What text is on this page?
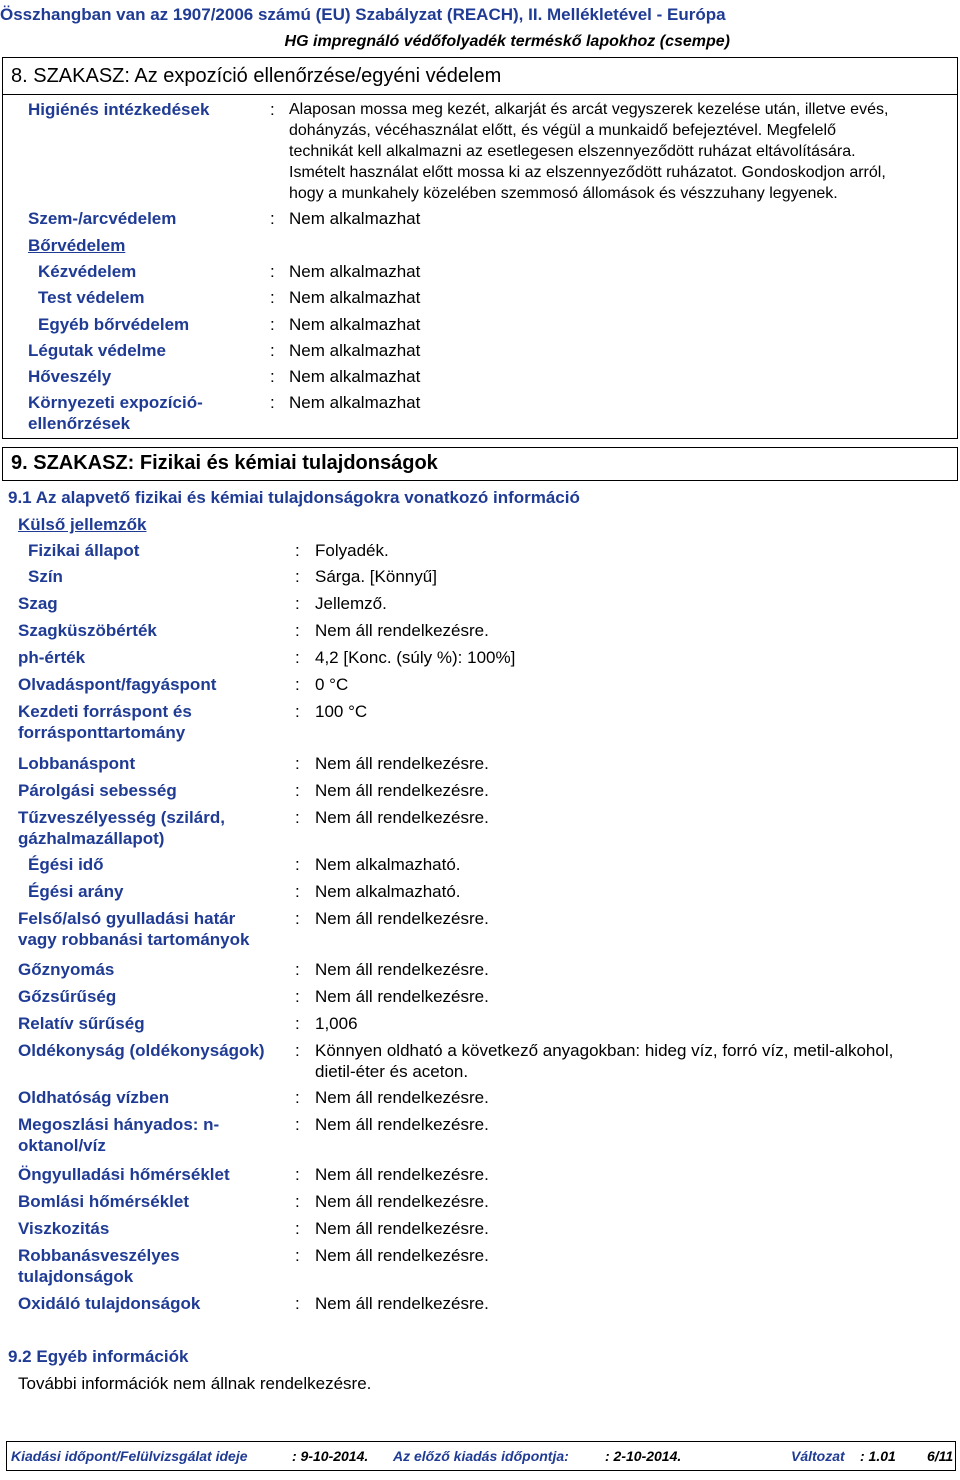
Összhangban van az 1907/2006 számú (EU) Szabályzat (REACH), II. Mellékletével - Európa
HG impregnáló védőfolyadék terméskő lapokhoz (csempe)
8. SZAKASZ: Az expozíció ellenőrzése/egyéni védelem
Higiénés intézkedések	: Alaposan mossa meg kezét, alkarját és arcát vegyszerek kezelése után, illetve evés,
dohányzás, vécéhasználat előtt, és végül a munkaidő befejeztével. Megfelelő
technikát kell alkalmazni az esetlegesen elszennyeződött ruházat eltávolítására.
Ismételt használat előtt mossa ki az elszennyeződött ruházatot. Gondoskodjon arról,
hogy a munkahely közelében szemmosó állomások és vészzuhany legyenek.
Szem-/arcvédelem	: Nem alkalmazhat
Bőrvédelem
Kézvédelem	: Nem alkalmazhat
Test védelem	: Nem alkalmazhat
Egyéb bőrvédelem	: Nem alkalmazhat
Légutak védelme	: Nem alkalmazhat
Hőveszély	: Nem alkalmazhat
Környezeti expozíció-
ellenőrzések
: Nem alkalmazhat
9. SZAKASZ: Fizikai és kémiai tulajdonságok
9.1 Az alapvető fizikai és kémiai tulajdonságokra vonatkozó információ
Külső jellemzők
Fizikai állapot	: Folyadék.
Szín	: Sárga. [Könnyű]
Szag	: Jellemző.
Szagküszöbérték	: Nem áll rendelkezésre.
ph-érték	: 4,2 [Konc. (súly %): 100%]
Olvadáspont/fagyáspont	: 0 °C
Kezdeti forráspont és
forrásponttartomány
: 100 °C
Lobbanáspont	: Nem áll rendelkezésre.
Párolgási sebesség	: Nem áll rendelkezésre.
Tűzveszélyesség (szilárd,
gázhalmazállapot)
: Nem áll rendelkezésre.
Égési idő	: Nem alkalmazható.
Égési arány	: Nem alkalmazható.
Felső/alsó gyulladási határ
vagy robbanási tartományok
: Nem áll rendelkezésre.
Gőznyomás	: Nem áll rendelkezésre.
Gőzsűrűség	: Nem áll rendelkezésre.
Relatív sűrűség	: 1,006
Oldékonyság (oldékonyságok) : Könnyen oldható a következő anyagokban: hideg víz, forró víz, metil-alkohol,
dietil-éter és aceton.
Oldhatóság vízben	: Nem áll rendelkezésre.
Megoszlási hányados: n-
oktanol/víz
: Nem áll rendelkezésre.
Öngyulladási hőmérséklet	: Nem áll rendelkezésre.
Bomlási hőmérséklet	: Nem áll rendelkezésre.
Viszkozitás	: Nem áll rendelkezésre.
Robbanásveszélyes
tulajdonságok
: Nem áll rendelkezésre.
Oxidáló tulajdonságok	: Nem áll rendelkezésre.
9.2 Egyéb információk
További információk nem állnak rendelkezésre.
Kiadási időpont/Felülvizsgálat ideje	: 9-10-2014. Az előző kiadás időpontja:	: 2-10-2014.	Változat : 1.01 6/11
